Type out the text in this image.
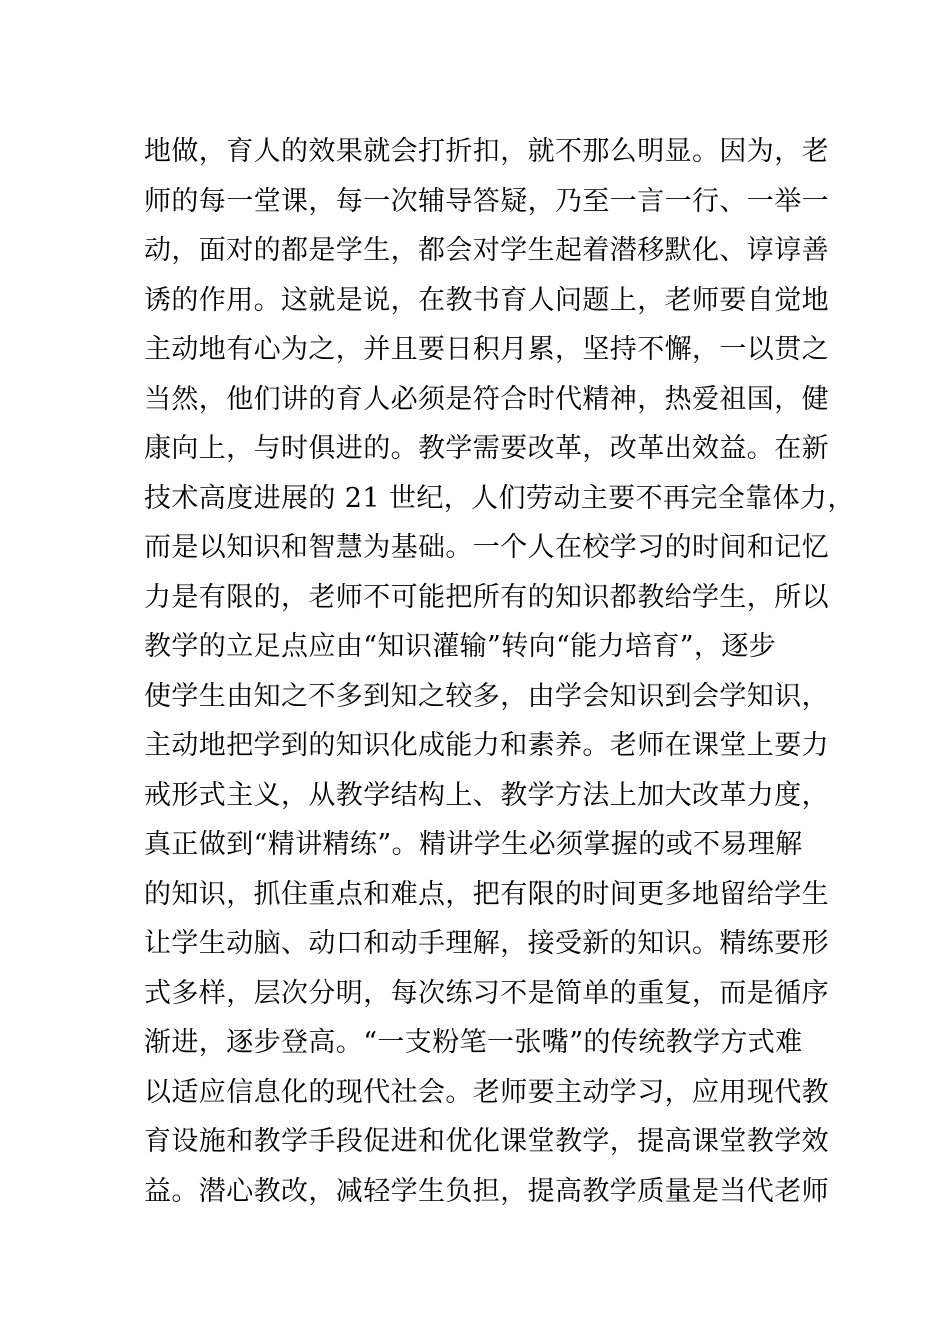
地做，育人的效果就会打折扣，就不那么明显。因为，老
师的每一堂课，每一次辅导答疑，乃至一言一行、一举一
动，面对的都是学生，都会对学生起着潜移默化、谆谆善
诱的作用。这就是说，在教书育人问题上，老师要自觉地
主动地有心为之，并且要日积月累，坚持不懈，一以贯之
当然，他们讲的育人必须是符合时代精神，热爱祖国，健
康向上，与时俱进的。教学需要改革，改革出效益。在新
技术高度进展的 21 世纪，人们劳动主要不再完全靠体力，
而是以知识和智慧为基础。一个人在校学习的时间和记忆
力是有限的，老师不可能把所有的知识都教给学生，所以
教学的立足点应由“知识灌输”转向“能力培育”，逐步
使学生由知之不多到知之较多，由学会知识到会学知识，
主动地把学到的知识化成能力和素养。老师在课堂上要力
戒形式主义，从教学结构上、教学方法上加大改革力度，
真正做到“精讲精练”。精讲学生必须掌握的或不易理解
的知识，抓住重点和难点，把有限的时间更多地留给学生
让学生动脑、动口和动手理解，接受新的知识。精练要形
式多样，层次分明，每次练习不是简单的重复，而是循序
渐进，逐步登高。“一支粉笔一张嘴”的传统教学方式难
以适应信息化的现代社会。老师要主动学习，应用现代教
育设施和教学手段促进和优化课堂教学，提高课堂教学效
益。潜心教改，减轻学生负担，提高教学质量是当代老师
